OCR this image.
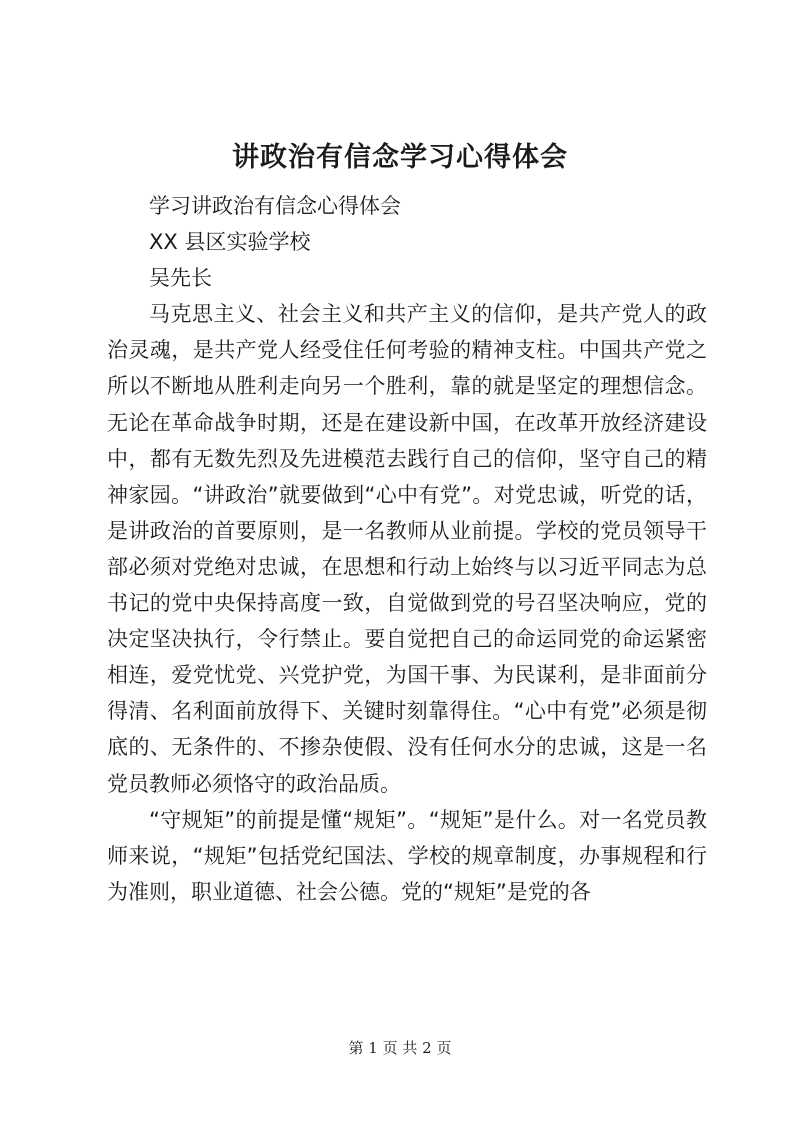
讲政治有信念学习心得体会

学习讲政治有信念心得体会

XX 县区实验学校

吴先长

马克思主义、社会主义和共产主义的信仰，是共产党人的政治灵魂，是共产党人经受住任何考验的精神支柱。中国共产党之所以不断地从胜利走向另一个胜利，靠的就是坚定的理想信念。无论在革命战争时期，还是在建设新中国，在改革开放经济建设中，都有无数先烈及先进模范去践行自己的信仰，坚守自己的精神家园。“讲政治”就要做到“心中有党”。对党忠诚，听党的话，是讲政治的首要原则，是一名教师从业前提。学校的党员领导干部必须对党绝对忠诚，在思想和行动上始终与以习近平同志为总书记的党中央保持高度一致，自觉做到党的号召坚决响应，党的决定坚决执行，令行禁止。要自觉把自己的命运同党的命运紧密相连，爱党忧党、兴党护党，为国干事、为民谋利，是非面前分得清、名利面前放得下、关键时刻靠得住。“心中有党”必须是彻底的、无条件的、不掺杂使假、没有任何水分的忠诚，这是一名党员教师必须恪守的政治品质。

“守规矩”的前提是懂“规矩”。“规矩”是什么。对一名党员教师来说，“规矩”包括党纪国法、学校的规章制度，办事规程和行为准则，职业道德、社会公德。党的“规矩”是党的各

第 1 页 共 2 页
